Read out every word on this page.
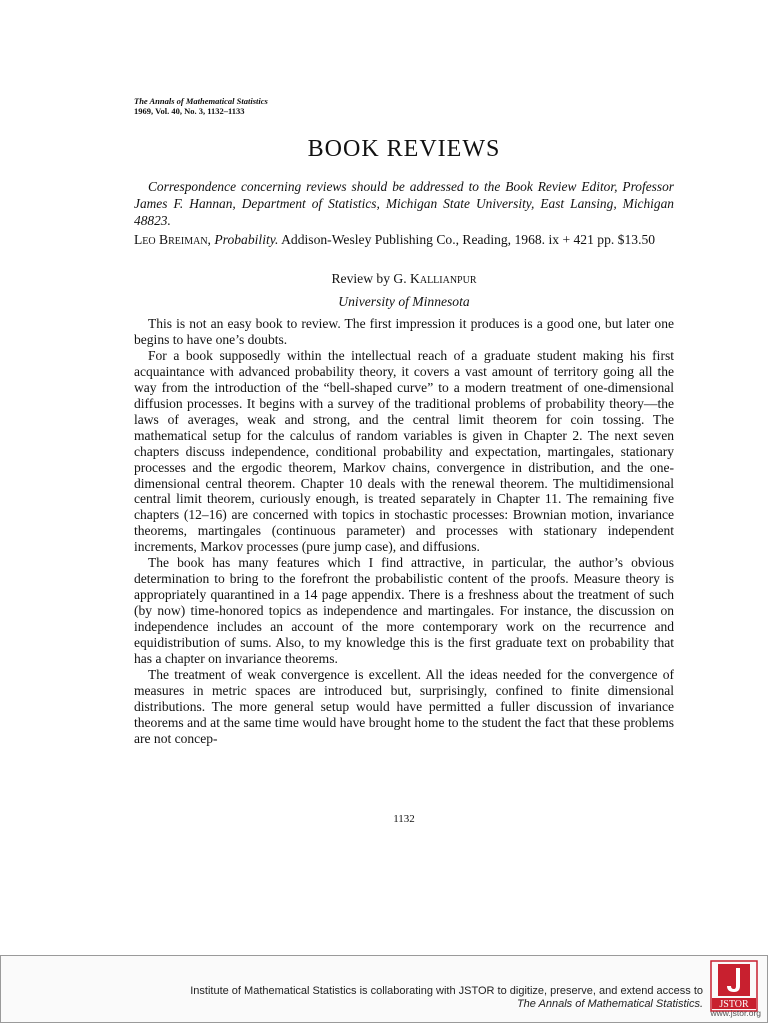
The Annals of Mathematical Statistics
1969, Vol. 40, No. 3, 1132–1133
BOOK REVIEWS
Correspondence concerning reviews should be addressed to the Book Review Editor, Professor James F. Hannan, Department of Statistics, Michigan State University, East Lansing, Michigan 48823.
Leo Breiman, Probability. Addison-Wesley Publishing Co., Reading, 1968. ix + 421 pp. $13.50
Review by G. Kallianpur
University of Minnesota

This is not an easy book to review. The first impression it produces is a good one, but later one begins to have one’s doubts.

For a book supposedly within the intellectual reach of a graduate student making his first acquaintance with advanced probability theory, it covers a vast amount of territory going all the way from the introduction of the “bell-shaped curve” to a modern treatment of one-dimensional diffusion processes. It begins with a survey of the traditional problems of probability theory—the laws of averages, weak and strong, and the central limit theorem for coin tossing. The mathematical setup for the calculus of random variables is given in Chapter 2. The next seven chapters discuss independence, conditional probability and expectation, martingales, stationary processes and the ergodic theorem, Markov chains, convergence in distribution, and the one-dimensional central theorem. Chapter 10 deals with the renewal theorem. The multidimensional central limit theorem, curiously enough, is treated separately in Chapter 11. The remaining five chapters (12–16) are concerned with topics in stochastic processes: Brownian motion, invariance theorems, martingales (continuous parameter) and processes with stationary independent increments, Markov processes (pure jump case), and diffusions.

The book has many features which I find attractive, in particular, the author’s obvious determination to bring to the forefront the probabilistic content of the proofs. Measure theory is appropriately quarantined in a 14 page appendix. There is a freshness about the treatment of such (by now) time-honored topics as independence and martingales. For instance, the discussion on independence includes an account of the more contemporary work on the recurrence and equidistribution of sums. Also, to my knowledge this is the first graduate text on probability that has a chapter on invariance theorems.

The treatment of weak convergence is excellent. All the ideas needed for the convergence of measures in metric spaces are introduced but, surprisingly, confined to finite dimensional distributions. The more general setup would have permitted a fuller discussion of invariance theorems and at the same time would have brought home to the student the fact that these problems are not concep-

1132
Institute of Mathematical Statistics is collaborating with JSTOR to digitize, preserve, and extend access to
The Annals of Mathematical Statistics. JSTOR
www.jstor.org
